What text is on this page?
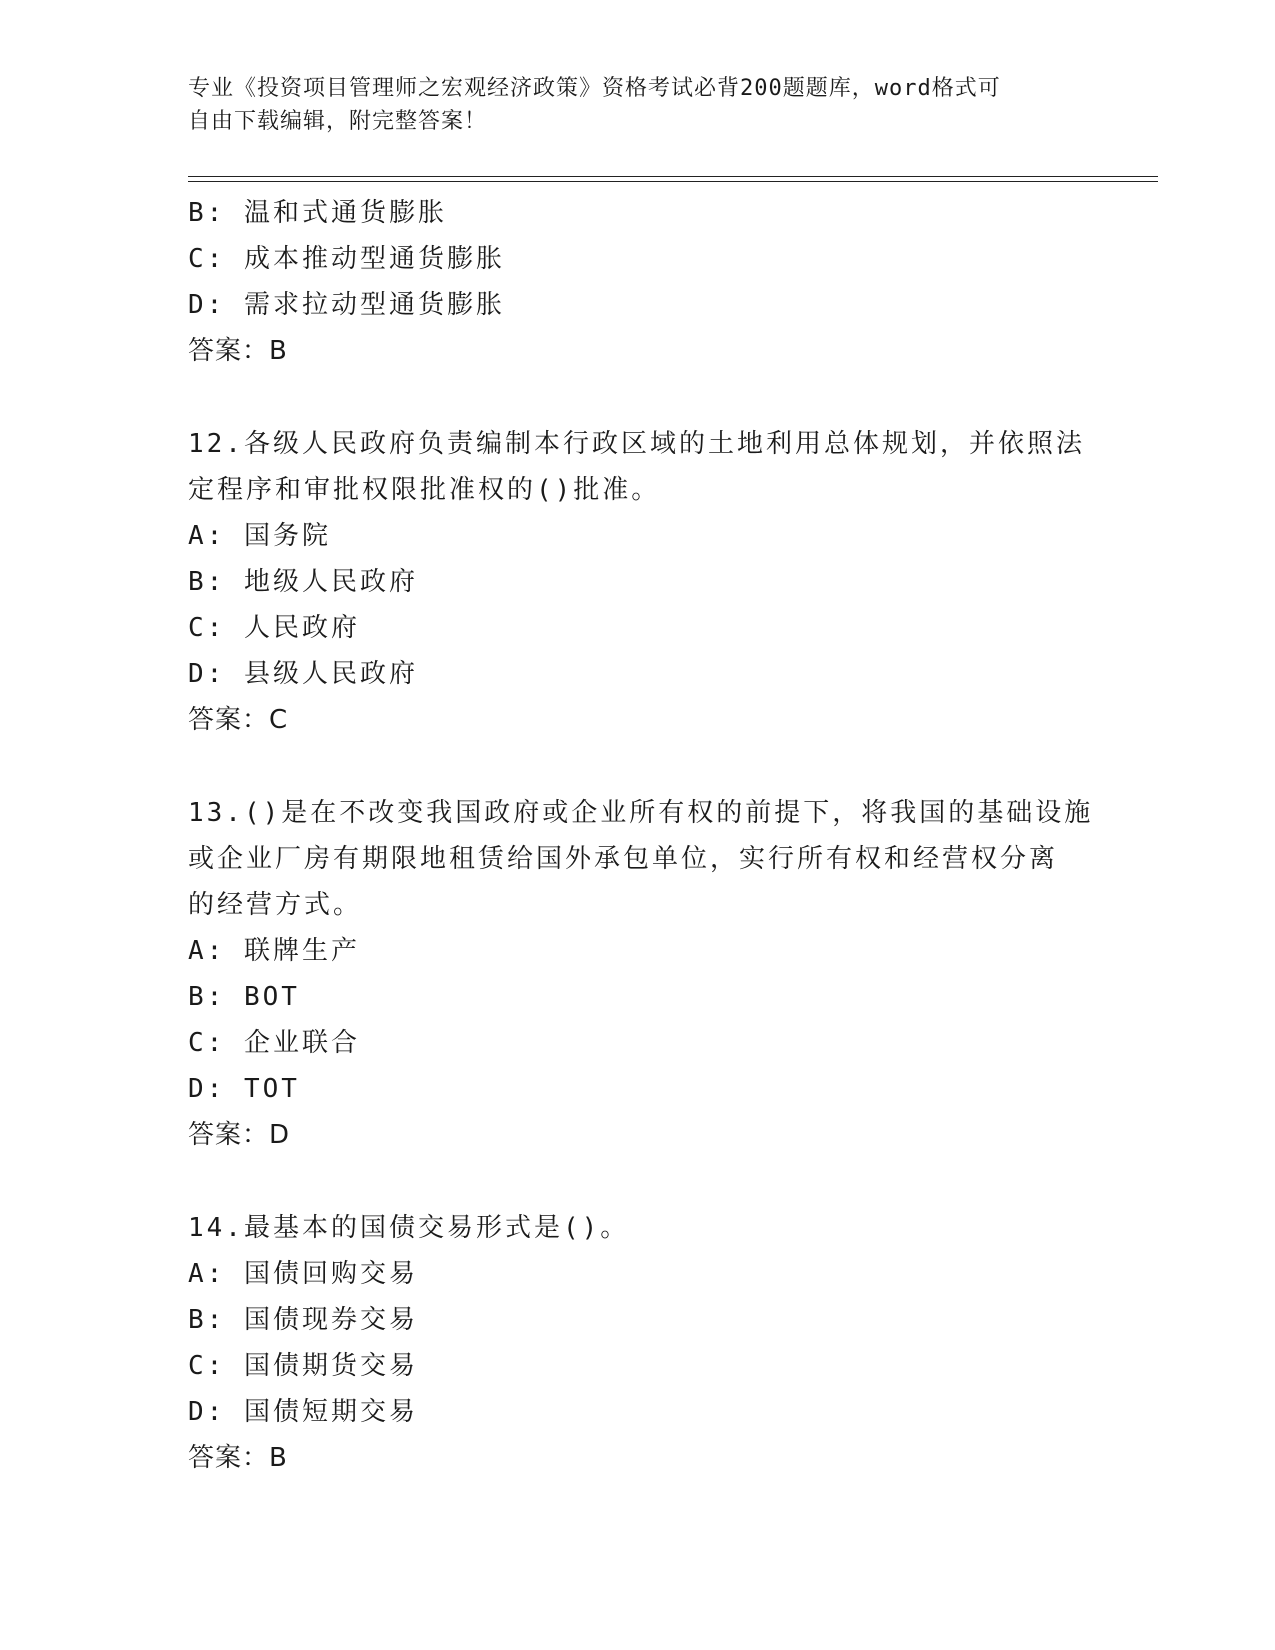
专业《投资项目管理师之宏观经济政策》资格考试必背200题题库，word格式可
自由下载编辑，附完整答案！
B: 温和式通货膨胀
C: 成本推动型通货膨胀
D: 需求拉动型通货膨胀
答案：B
12.各级人民政府负责编制本行政区域的土地利用总体规划，并依照法
定程序和审批权限批准权的()批准。
A: 国务院
B: 地级人民政府
C: 人民政府
D: 县级人民政府
答案：C
13.()是在不改变我国政府或企业所有权的前提下，将我国的基础设施
或企业厂房有期限地租赁给国外承包单位，实行所有权和经营权分离
的经营方式。
A: 联牌生产
B: BOT
C: 企业联合
D: TOT
答案：D
14.最基本的国债交易形式是()。
A: 国债回购交易
B: 国债现券交易
C: 国债期货交易
D: 国债短期交易
答案：B
